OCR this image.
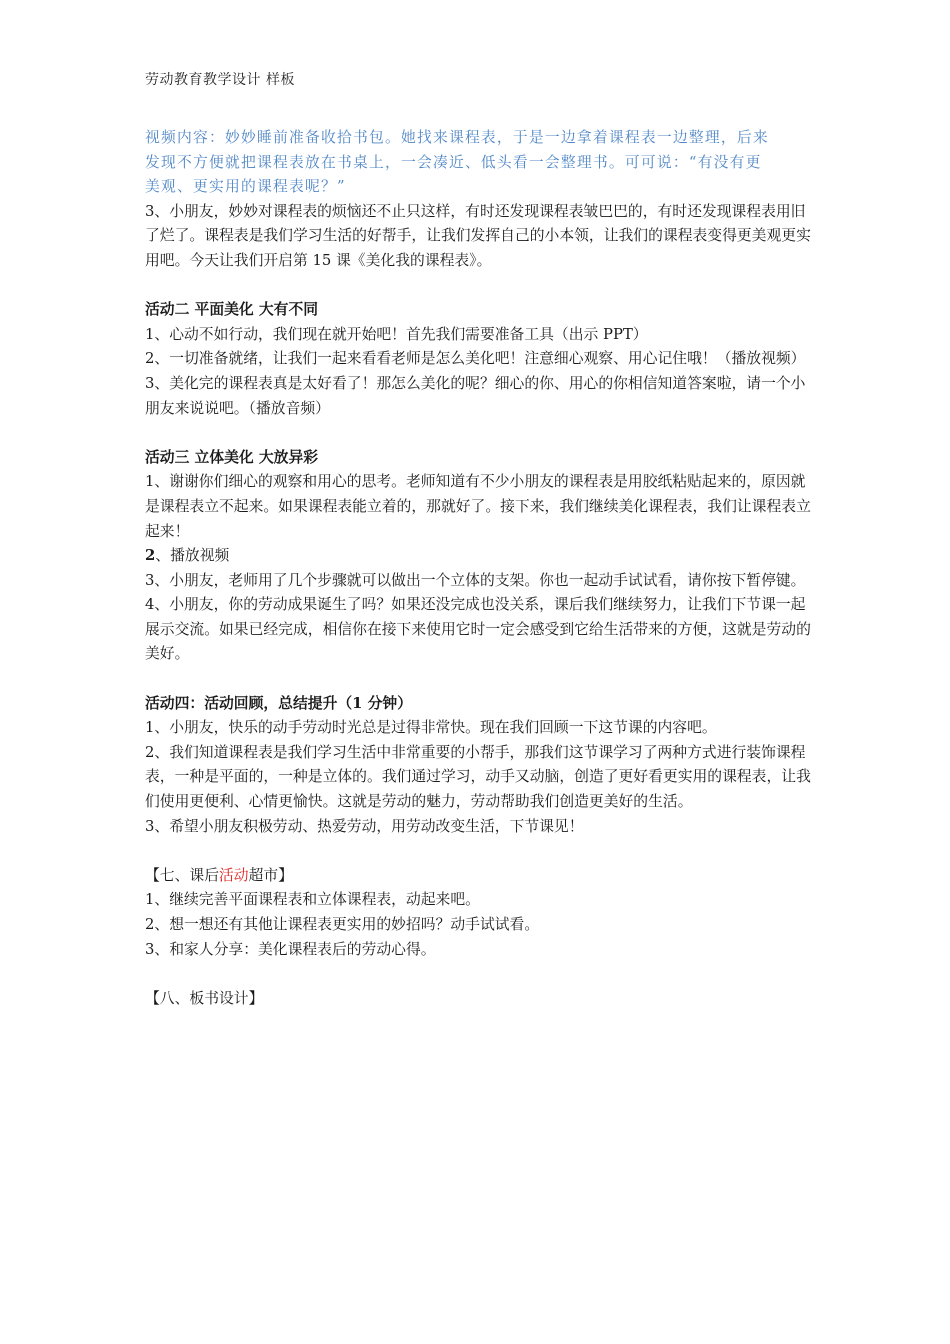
劳动教育教学设计 样板

视频内容：妙妙睡前准备收拾书包。她找来课程表，于是一边拿着课程表一边整理，后来

发现不方便就把课程表放在书桌上，一会凑近、低头看一会整理书。可可说：“有没有更

美观、更实用的课程表呢？”

3、小朋友，妙妙对课程表的烦恼还不止只这样，有时还发现课程表皱巴巴的，有时还发现课程表用旧了烂了。课程表是我们学习生活的好帮手，让我们发挥自己的小本领，让我们的课程表变得更美观更实用吧。今天让我们开启第 15 课《美化我的课程表》。

活动二 平面美化 大有不同

1、心动不如行动，我们现在就开始吧！首先我们需要准备工具（出示 PPT）

2、一切准备就绪，让我们一起来看看老师是怎么美化吧！注意细心观察、用心记住哦！（播放视频）

3、美化完的课程表真是太好看了！那怎么美化的呢？细心的你、用心的你相信知道答案啦，请一个小朋友来说说吧。（播放音频）

活动三 立体美化 大放异彩

1、谢谢你们细心的观察和用心的思考。老师知道有不少小朋友的课程表是用胶纸粘贴起来的，原因就是课程表立不起来。如果课程表能立着的，那就好了。接下来，我们继续美化课程表，我们让课程表立起来！

2、播放视频

3、小朋友，老师用了几个步骤就可以做出一个立体的支架。你也一起动手试试看，请你按下暂停键。

4、小朋友，你的劳动成果诞生了吗？如果还没完成也没关系，课后我们继续努力，让我们下节课一起展示交流。如果已经完成，相信你在接下来使用它时一定会感受到它给生活带来的方便，这就是劳动的美好。

活动四：活动回顾，总结提升（1 分钟）

1、小朋友，快乐的动手劳动时光总是过得非常快。现在我们回顾一下这节课的内容吧。

2、我们知道课程表是我们学习生活中非常重要的小帮手，那我们这节课学习了两种方式进行装饰课程表，一种是平面的，一种是立体的。我们通过学习，动手又动脑，创造了更好看更实用的课程表，让我们使用更便利、心情更愉快。这就是劳动的魅力，劳动帮助我们创造更美好的生活。

3、希望小朋友积极劳动、热爱劳动，用劳动改变生活，下节课见！

【七、课后活动超市】

1、继续完善平面课程表和立体课程表，动起来吧。

2、想一想还有其他让课程表更实用的妙招吗？动手试试看。

3、和家人分享：美化课程表后的劳动心得。

【八、板书设计】
